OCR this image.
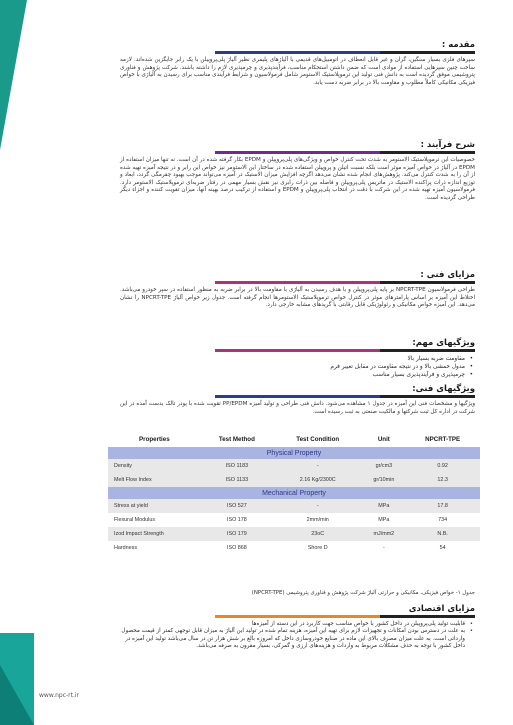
www.npc-rt.ir
مقدمه :
سپرهای فلزی بسیار سنگین، گران و غیر قابل انعطاف در اتومبیل‌های قدیمی با آلیاژهای پلیمری نظیر آلیاژ پلی‌پروپیلن با یک رابر جایگزین شده‌اند. لازمه ساخت چنین سپرهایی استفاده از موادی است که ضمن داشتن استحکام مناسب، فرآیندپذیری و چرمپذیری لازم را داشته باشند. شرکت پژوهش و فناوری پتروشیمی موفق گردیده است به دانش فنی تولید این ترموپلاستیک الاستومر شامل فرمولاسیون و شرایط فرآیندی مناسب برای رسیدن به آلیاژی با خواص فیزیکی مکانیکی کاملاً مطلوب و مقاومت بالا در برابر ضربه دست یابد.
شرح فرآیند :
خصوصیات این ترموپلاستیک الاستومر به شدت تحت کنترل خواص و ویژگی‌های پلی‌پروپیلن و EPDM بکار گرفته شده در آن است. نه تنها میزان استفاده از EPDM در آلیاژ در خواص آمیزه موثر است بلکه نسبت اتیلن و پروپیلن استفاده شده در ساختار این الاستومر نیز خواص این رابر و در نتیجه آمیزه تهیه شده از آن را به شدت کنترل می‌کند. پژوهش‌های انجام شده نشان می‌دهد اگرچه افزایش میزان الاستیک در آمیزه می‌تواند موجب بهبود چقرمگی گردد، ابعاد و توزیع اندازه ذرات پراکنده الاستیک در ماتریس پلی‌پروپیلن و فاصله بین ذرات رابری نیز نقش بسیار مهمی در رفتار ضربه‌ای ترموپلاستیک الاستومر دارد. فرمولاسیون آمیزه تهیه شده در این شرکت با دقت در انتخاب پلی‌پروپیلن و EPDM و استفاده از ترکیب درصد بهینه آنها، میزان تقویت کننده و اجزاء دیگر طراحی گردیده است.
مزایای فنی :
طراحی فرمولاسیون NPCRT-TPE بر پایه پلی‌پروپیلن و با هدف رسیدن به آلیاژی با مقاومت بالا در برابر ضربه به منظور استفاده در سپر خودرو می‌باشد. اختلاط این آمیزه بر اساس پارامترهای موثر در کنترل خواص ترموپلاستیک الاستومرها انجام گرفته است. جدول زیر خواص آلیاژ NPCRT-TPE را نشان می‌دهد. این آمیزه خواص مکانیکی و رئولوژیکی قابل رقابتی با گریدهای مشابه خارجی دارد.
ویژگیهای مهم:
• مقاومت ضربه بسیار بالا
• مدول خمشی بالا و در نتیجه مقاومت در مقابل تغییر فرم
• چرمپذیری و فرآیندپذیری بسیار مناسب
ویژگیهای فنی:
ویژگیها و مشخصات فنی این آمیزه در جدول ۱ مشاهده می‌شود. دانش فنی طراحی و تولید آمیزه PP/EPDM تقویت شده با پودر تالک بدست آمده در این شرکت در اداره کل ثبت شرکتها و مالکیت صنعتی به ثبت رسیده است.
Properties	Test Method	Test Condition	Unit	NPCRT-TPE
Physical Property				
Density	ISO 1183	-	gr/cm3	0.92
Melt Flow Index	ISO 1133	2.16 Kg/2300C	gr/10min	12.3
Mechanical Property				
Stress at yield	ISO 527	-	MPa	17.8
Flexural Modulus	ISO 178	2mm/min	MPa	734
Izod Impact Strength	ISO 179	23oC	mJ/mm2	N.B.
Hardness	ISO 868	Shore D	-	54
جدول ۱- خواص فیزیکی، مکانیکی و حرارتی آلیاژ شرکت پژوهش و فناوری پتروشیمی (NPCRT-TPE)
مزایای اقتصادی
• قابلیت تولید پلی‌پروپیلن در داخل کشور با خواص مناسب جهت کاربرد در این دسته از آمیزه‌ها
• به علت در دسترس بودن امکانات و تجهیزات لازم برای تهیه این آمیزه، هزینه تمام شده در تولید این آلیاژ به میزان قابل توجهی کمتر از قیمت محصول وارداتی است. به علت میزان مصرف بالای این ماده در صنایع خودروسازی داخل که امروزه بالغ بر شش هزار تن در سال می‌باشد تولید این آمیزه در داخل کشور با توجه به حذف مشکلات مربوط به واردات و هزینه‌های ارزی و گمرکی، بسیار مقرون به صرفه می‌باشد.
